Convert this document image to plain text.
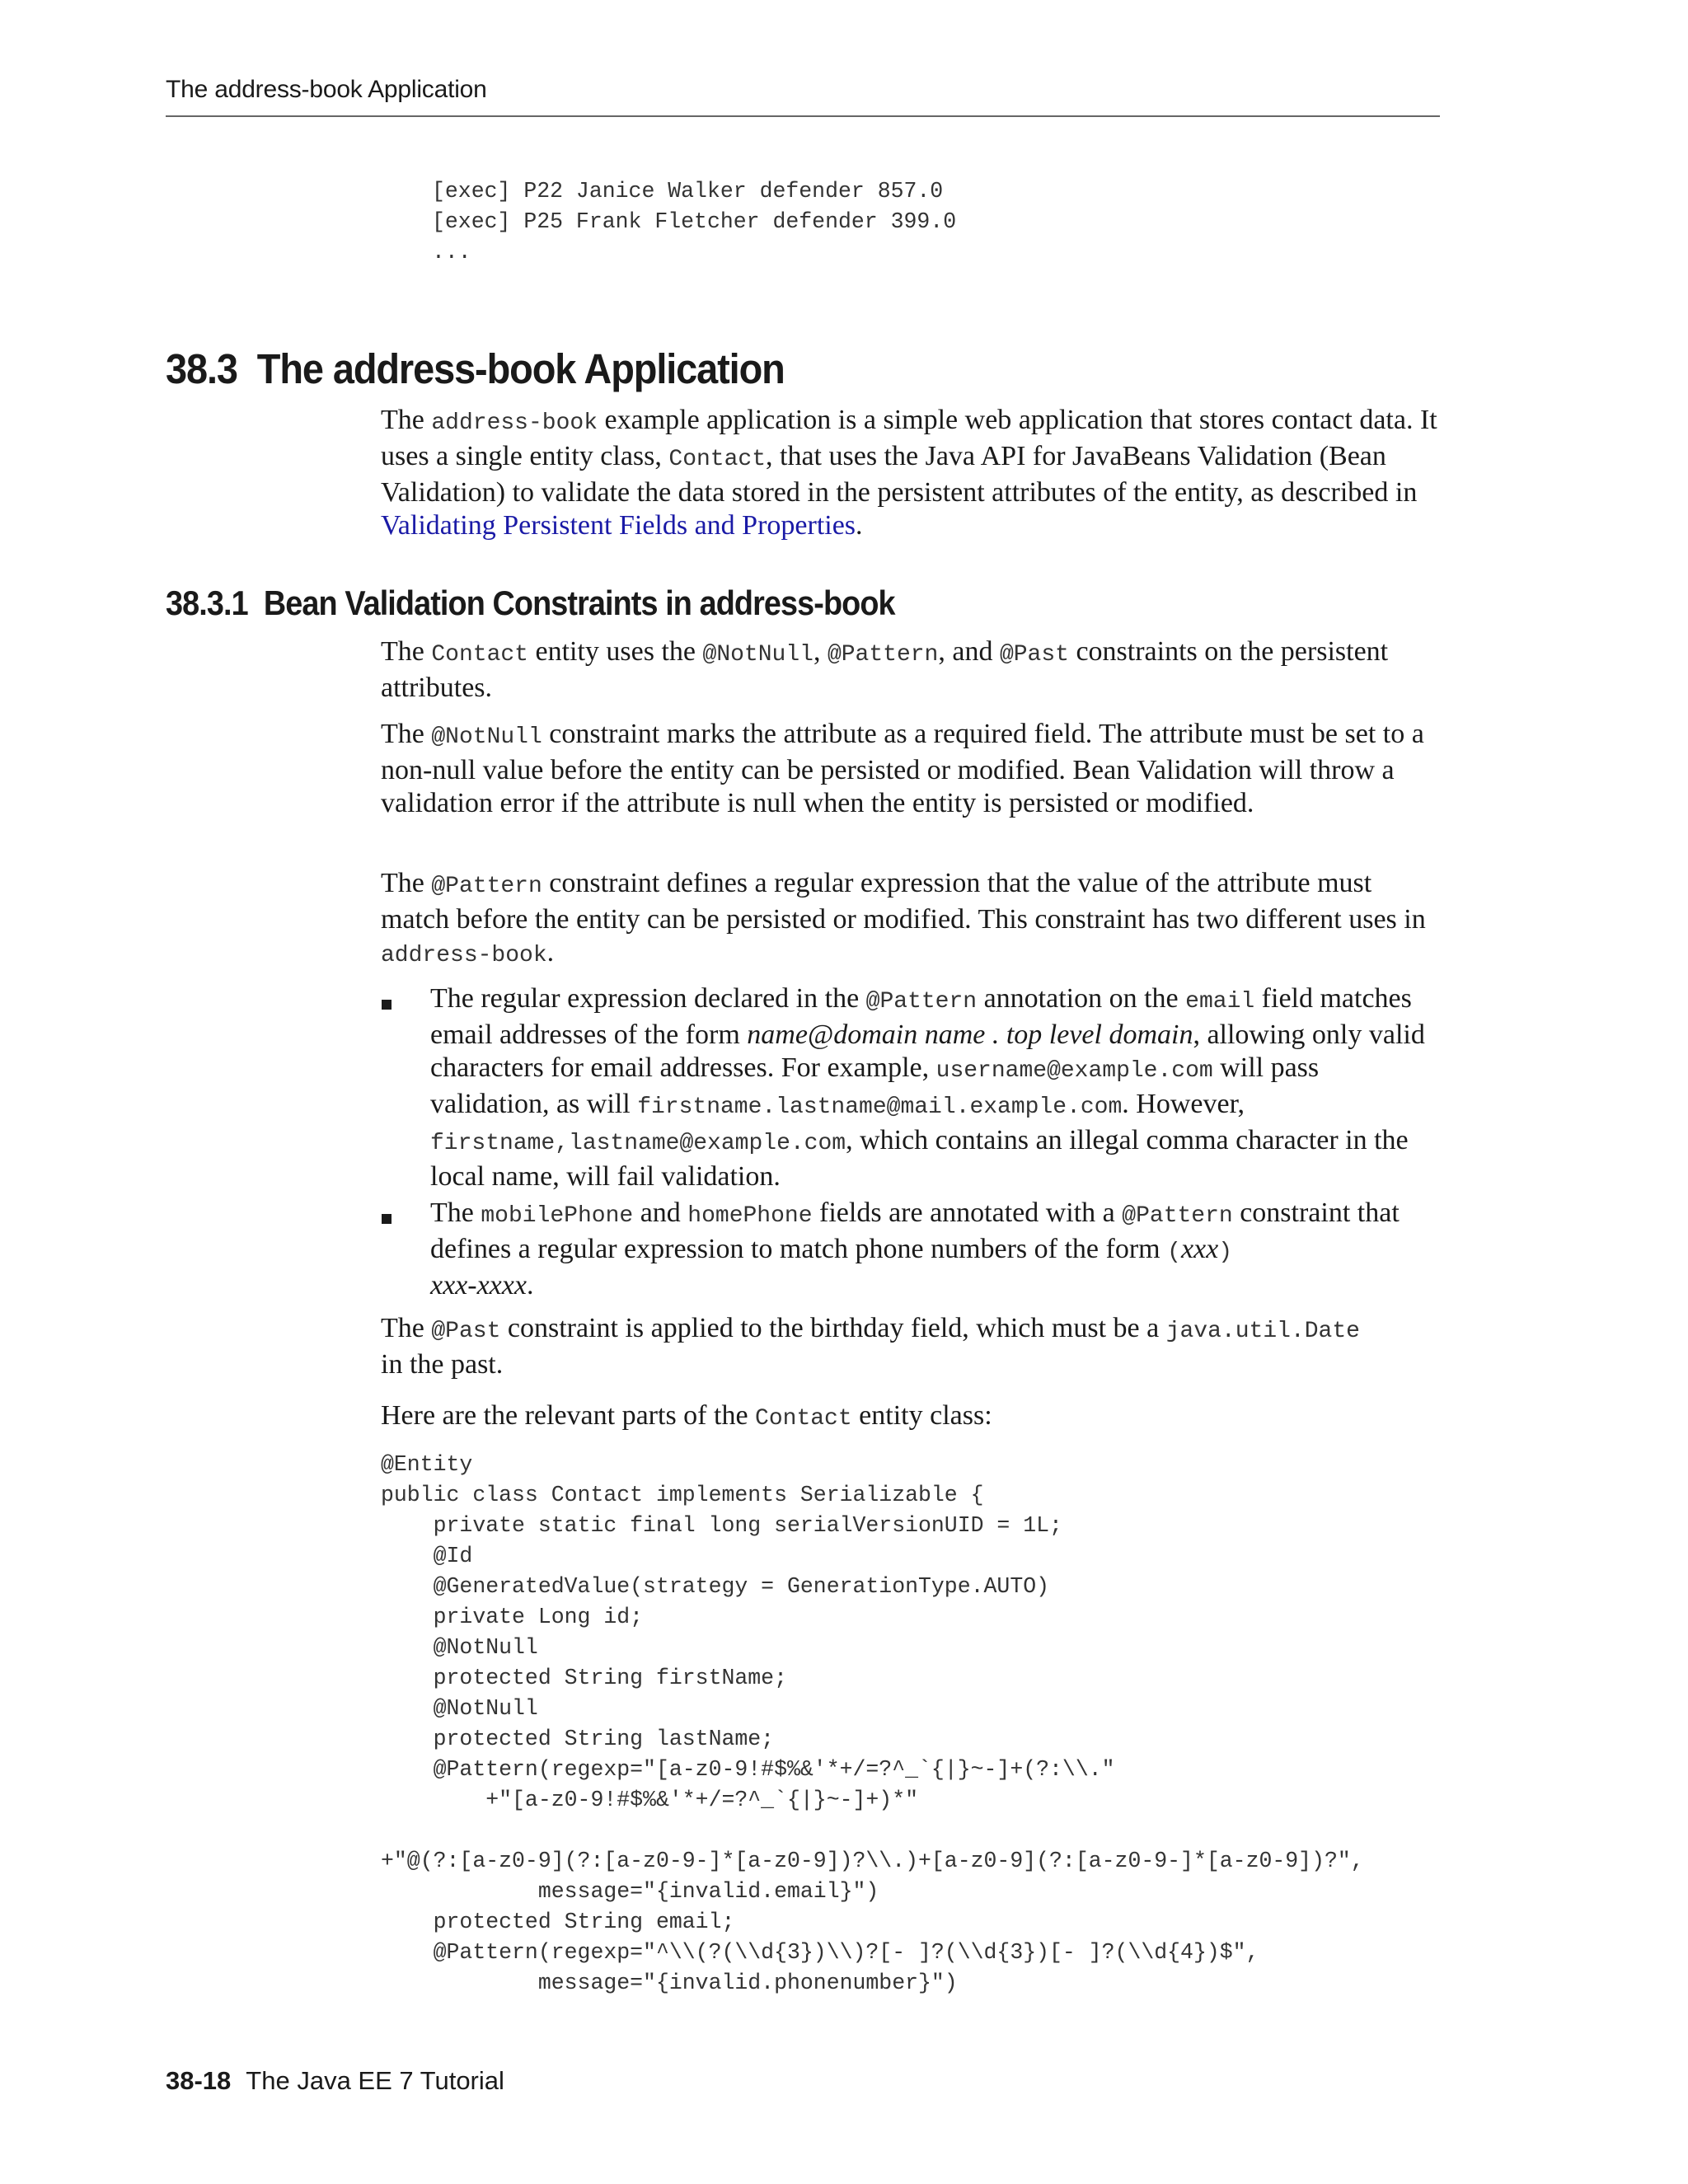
The address-book Application
[exec] P22 Janice Walker defender 857.0
[exec] P25 Frank Fletcher defender 399.0
...
38.3 The address-book Application

The address-book example application is a simple web application that stores contact data. It uses a single entity class, Contact, that uses the Java API for JavaBeans Validation (Bean Validation) to validate the data stored in the persistent attributes of the entity, as described in Validating Persistent Fields and Properties.

38.3.1 Bean Validation Constraints in address-book

The Contact entity uses the @NotNull, @Pattern, and @Past constraints on the persistent attributes.

The @NotNull constraint marks the attribute as a required field. The attribute must be set to a non-null value before the entity can be persisted or modified. Bean Validation will throw a validation error if the attribute is null when the entity is persisted or modified.

The @Pattern constraint defines a regular expression that the value of the attribute must match before the entity can be persisted or modified. This constraint has two different uses in address-book.

The regular expression declared in the @Pattern annotation on the email field matches email addresses of the form name@domain name . top level domain, allowing only valid characters for email addresses. For example, username@example.com will pass validation, as will firstname.lastname@mail.example.com. However, firstname,lastname@example.com, which contains an illegal comma character in the local name, will fail validation.

The mobilePhone and homePhone fields are annotated with a @Pattern constraint that defines a regular expression to match phone numbers of the form (xxx)
xxx-xxxx.

The @Past constraint is applied to the birthday field, which must be a java.util.Date
in the past.

Here are the relevant parts of the Contact entity class:

@Entity
public class Contact implements Serializable {
private static final long serialVersionUID = 1L;
@Id
@GeneratedValue(strategy = GenerationType.AUTO)
private Long id;
@NotNull
protected String firstName;
@NotNull
protected String lastName;
@Pattern(regexp="[a-z0-9!#$%&'*+/=?^_`{|}~-]+(?:\\."
+"[a-z0-9!#$%&'*+/=?^_`{|}~-]+)*"

+"@(?:[a-z0-9](?:[a-z0-9-]*[a-z0-9])?\\.)+[a-z0-9](?:[a-z0-9-]*[a-z0-9])?",
message="{invalid.email}")
protected String email;
@Pattern(regexp="^\\(?(\\d{3})\\)?[- ]?(\\d{3})[- ]?(\\d{4})$",
message="{invalid.phonenumber}")
38-18 The Java EE 7 Tutorial
